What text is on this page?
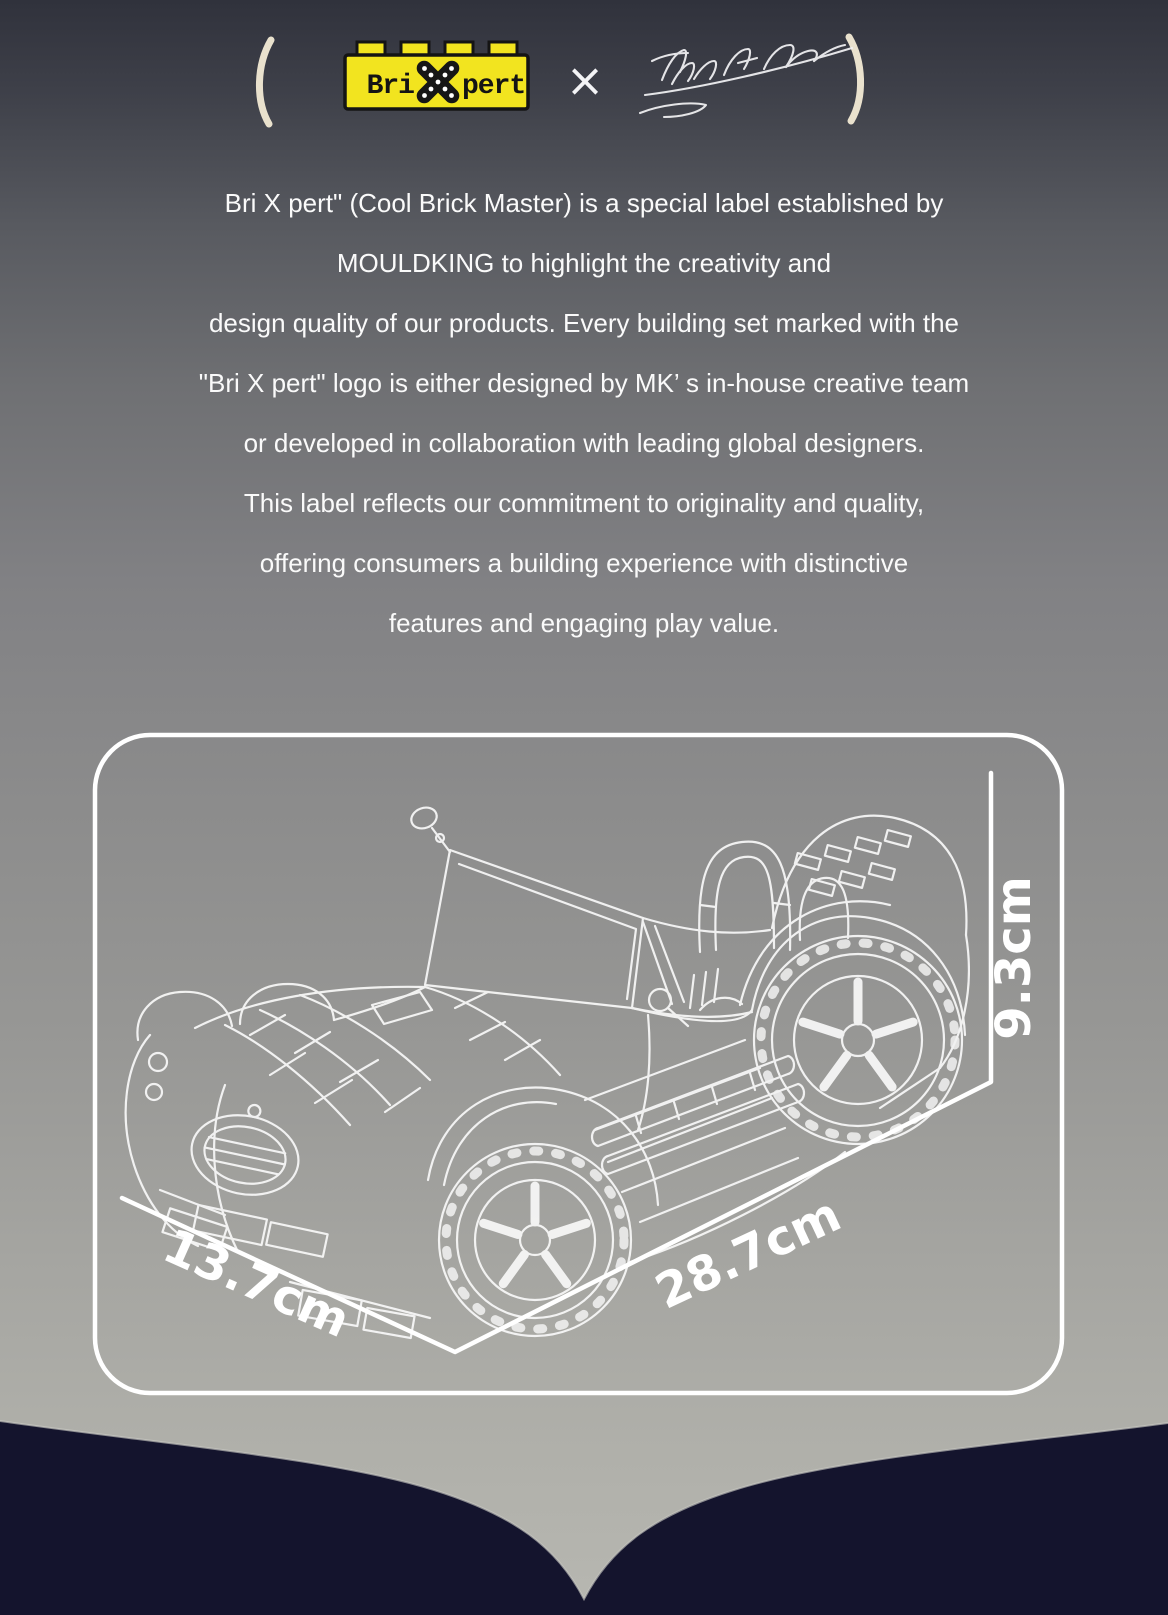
Bri pert ×
Bri X pert" (Cool Brick Master) is a special label established by
MOULDKING to highlight the creativity and
design quality of our products. Every building set marked with the
"Bri X pert" logo is either designed by MK’ s in-house creative team
or developed in collaboration with leading global designers.
This label reflects our commitment to originality and quality,
offering consumers a building experience with distinctive
features and engaging play value.
9.3cm
13.7cm	28.7cm
